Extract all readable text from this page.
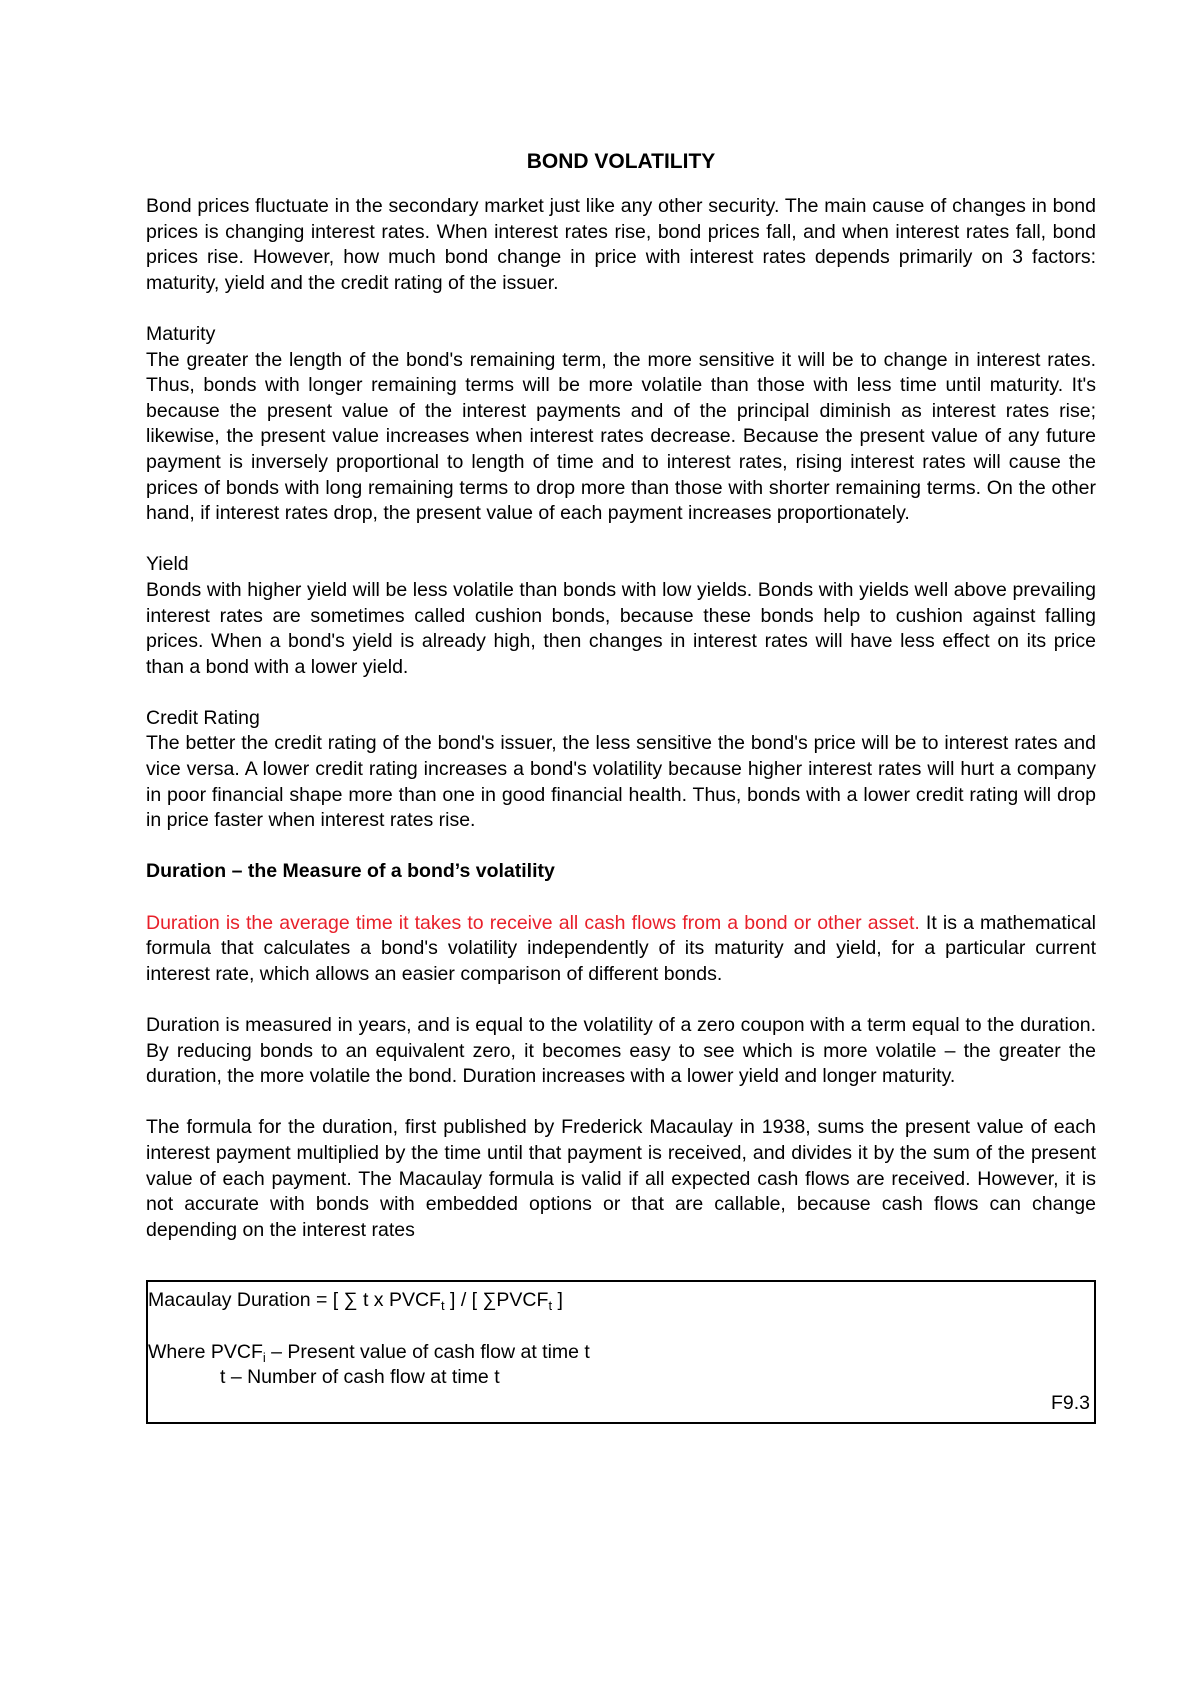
BOND VOLATILITY

Bond prices fluctuate in the secondary market just like any other security. The main cause of changes in bond prices is changing interest rates. When interest rates rise, bond prices fall, and when interest rates fall, bond prices rise. However, how much bond change in price with interest rates depends primarily on 3 factors: maturity, yield and the credit rating of the issuer.

Maturity
The greater the length of the bond's remaining term, the more sensitive it will be to change in interest rates. Thus, bonds with longer remaining terms will be more volatile than those with less time until maturity. It's because the present value of the interest payments and of the principal diminish as interest rates rise; likewise, the present value increases when interest rates decrease. Because the present value of any future payment is inversely proportional to length of time and to interest rates, rising interest rates will cause the prices of bonds with long remaining terms to drop more than those with shorter remaining terms. On the other hand, if interest rates drop, the present value of each payment increases proportionately.

Yield
Bonds with higher yield will be less volatile than bonds with low yields. Bonds with yields well above prevailing interest rates are sometimes called cushion bonds, because these bonds help to cushion against falling prices. When a bond's yield is already high, then changes in interest rates will have less effect on its price than a bond with a lower yield.

Credit Rating
The better the credit rating of the bond's issuer, the less sensitive the bond's price will be to interest rates and vice versa. A lower credit rating increases a bond's volatility because higher interest rates will hurt a company in poor financial shape more than one in good financial health. Thus, bonds with a lower credit rating will drop in price faster when interest rates rise.

Duration – the Measure of a bond’s volatility

Duration is the average time it takes to receive all cash flows from a bond or other asset. It is a mathematical formula that calculates a bond's volatility independently of its maturity and yield, for a particular current interest rate, which allows an easier comparison of different bonds.

Duration is measured in years, and is equal to the volatility of a zero coupon with a term equal to the duration. By reducing bonds to an equivalent zero, it becomes easy to see which is more volatile – the greater the duration, the more volatile the bond. Duration increases with a lower yield and longer maturity.

The formula for the duration, first published by Frederick Macaulay in 1938, sums the present value of each interest payment multiplied by the time until that payment is received, and divides it by the sum of the present value of each payment. The Macaulay formula is valid if all expected cash flows are received. However, it is not accurate with bonds with embedded options or that are callable, because cash flows can change depending on the interest rates

Macaulay Duration = [ ∑ t x $PVCF_t$ ] / [ $\sum PVCF_t$ ]
Where $PVCF_i$ – Present value of cash flow at time t
t – Number of cash flow at time t
F9.3
